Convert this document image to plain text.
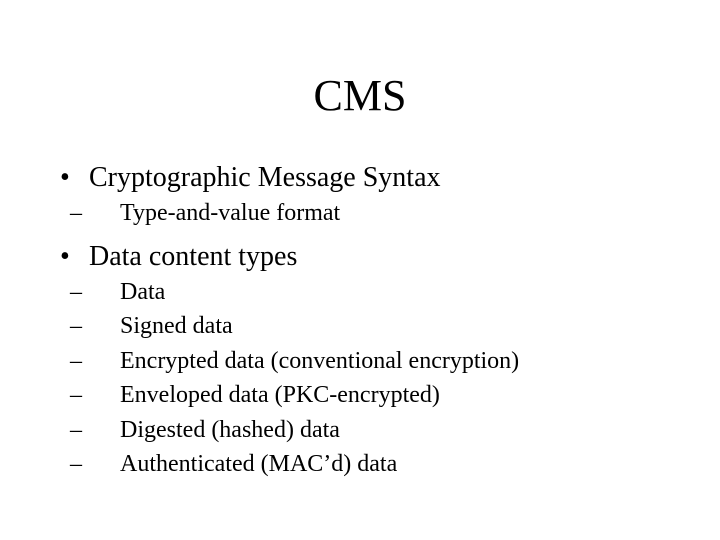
CMS
• Cryptographic Message Syntax
– Type-and-value format
• Data content types
– Data
– Signed data
– Encrypted data (conventional encryption)
– Enveloped data (PKC-encrypted)
– Digested (hashed) data
– Authenticated (MAC’d) data
